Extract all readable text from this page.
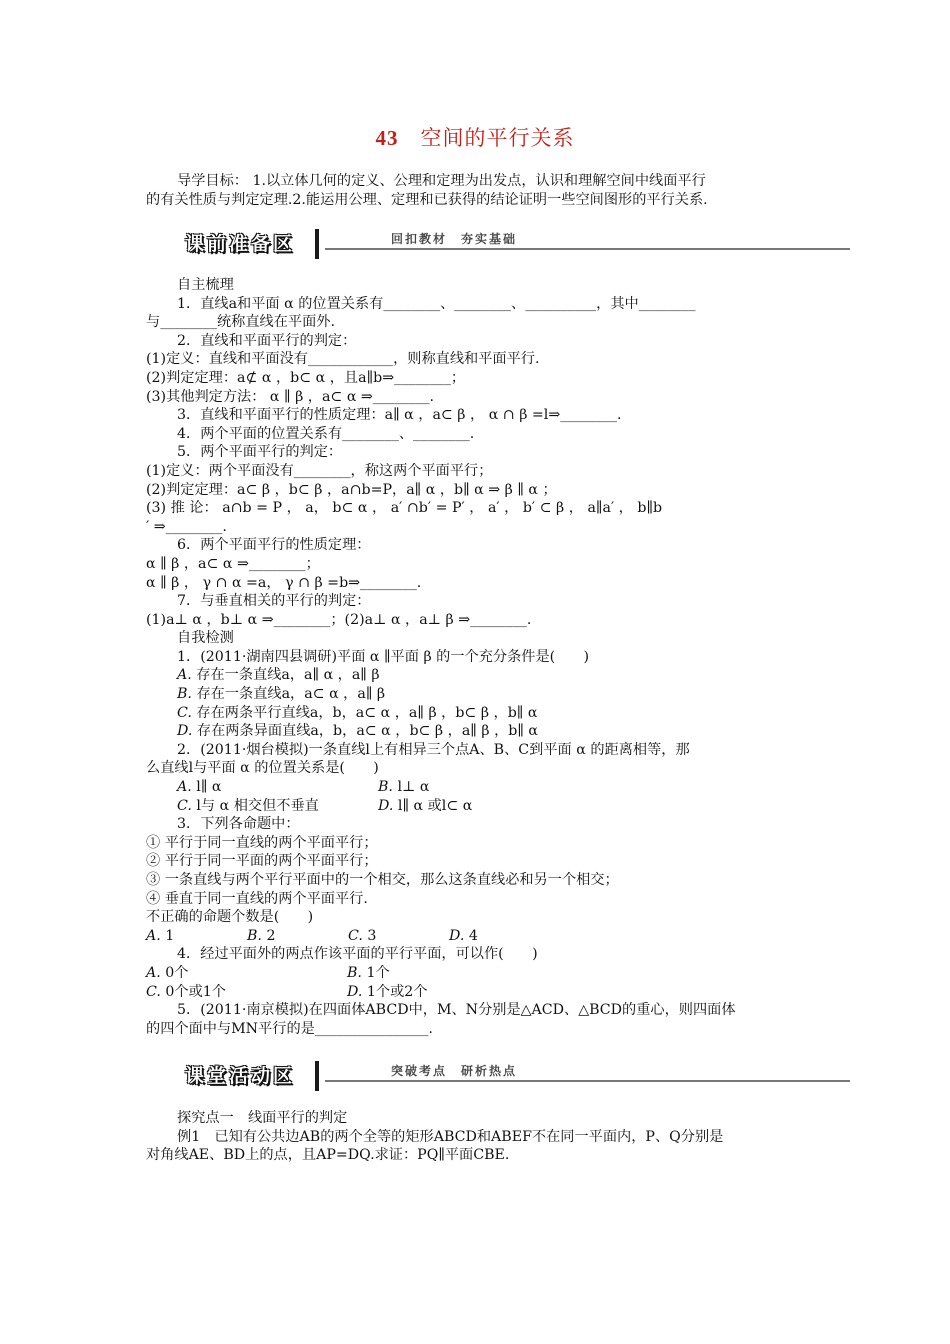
43 空间的平行关系

导学目标： 1.以立体几何的定义、公理和定理为出发点，认识和理解空间中线面平行

的有关性质与判定定理.2.能运用公理、定理和已获得的结论证明一些空间图形的平行关系.

课前准备区	回扣教材　夯实基础

自主梳理

1．直线a和平面 α 的位置关系有________、________、__________，其中________

与________统称直线在平面外.

2．直线和平面平行的判定：

(1)定义：直线和平面没有____________，则称直线和平面平行.

(2)判定定理：a⊄ α ，b⊂ α ，且a∥b⇒________；

(3)其他判定方法： α ∥ β ，a⊂ α ⇒________.

3．直线和平面平行的性质定理：a∥ α ，a⊂ β ， α ∩ β =l⇒________.

4．两个平面的位置关系有________、________.

5．两个平面平行的判定：

(1)定义：两个平面没有________，称这两个平面平行；

(2)判定定理：a⊂ β ，b⊂ β ，a∩b=P，a∥ α ，b∥ α ⇒ β ∥ α ；

(3) 推 论： a∩b = P ， a， b⊂ α ， a′ ∩b′ = P′ ， a′ ， b′ ⊂ β ， a∥a′ ， b∥b

′ ⇒________.

6．两个平面平行的性质定理：

α ∥ β ，a⊂ α ⇒________；

α ∥ β ， γ ∩ α =a， γ ∩ β =b⇒________.

7．与垂直相关的平行的判定：

(1)a⊥ α ，b⊥ α ⇒________；(2)a⊥ α ，a⊥ β ⇒________.

自我检测

1．(2011·湖南四县调研)平面 α ∥平面 β 的一个充分条件是(　　)

A. 存在一条直线a，a∥ α ，a∥ β

B. 存在一条直线a，a⊂ α ，a∥ β

C. 存在两条平行直线a，b，a⊂ α ，a∥ β ，b⊂ β ，b∥ α

D. 存在两条异面直线a，b，a⊂ α ，b⊂ β ，a∥ β ，b∥ α

2．(2011·烟台模拟)一条直线l上有相异三个点A、B、C到平面 α 的距离相等，那

么直线l与平面 α 的位置关系是(　　)

A. l∥ α	B. l⊥ α

C. l与 α 相交但不垂直	D. l∥ α 或l⊂ α

3．下列各命题中：

① 平行于同一直线的两个平面平行；

② 平行于同一平面的两个平面平行；

③ 一条直线与两个平行平面中的一个相交，那么这条直线必和另一个相交；

④ 垂直于同一直线的两个平面平行.

不正确的命题个数是(　　)

A. 1	B. 2	C. 3	D. 4

4．经过平面外的两点作该平面的平行平面，可以作(　　)

A. 0个	B. 1个

C. 0个或1个	D. 1个或2个

5．(2011·南京模拟)在四面体ABCD中，M、N分别是△ACD、△BCD的重心，则四面体

的四个面中与MN平行的是________________.

课堂活动区	突破考点　研析热点

探究点一　线面平行的判定

例1　已知有公共边AB的两个全等的矩形ABCD和ABEF不在同一平面内，P、Q分别是

对角线AE、BD上的点，且AP=DQ.求证：PQ∥平面CBE.
